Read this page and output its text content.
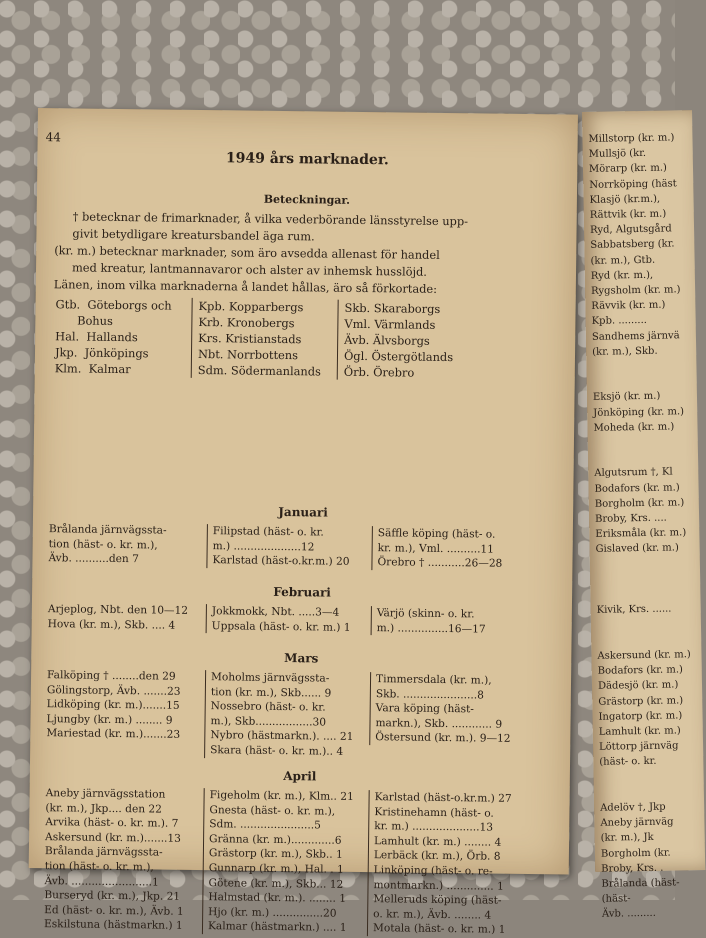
44
1949 års marknader.
Beteckningar.

† betecknar de frimarknader, å vilka vederbörande länsstyrelse upp-

givit betydligare kreatursbandel äga rum.

(kr. m.) betecknar marknader, som äro avsedda allenast för handel

med kreatur, lantmannavaror och alster av inhemsk husslöjd.

Länen, inom vilka marknaderna å landet hållas, äro så förkortade:

Gtb.  Göteborgs och
Bohus
Hal.  Hallands
Jkp.  Jönköpings
Klm.  Kalmar
Kpb. Kopparbergs
Krb. Kronobergs
Krs. Kristianstads
Nbt. Norrbottens
Sdm. Södermanlands
Skb. Skaraborgs
Vml. Värmlands
Ävb. Älvsborgs
Ögl. Östergötlands
Örb. Örebro
Januari
Brålanda järnvägssta-
tion (häst- o. kr. m.),
Ävb. ..........den 7
Filipstad (häst- o. kr.
m.) ....................12
Karlstad (häst-o.kr.m.) 20
Säffle köping (häst- o.
kr. m.), Vml. ..........11
Örebro † ...........26—28
Februari
Arjeplog, Nbt. den 10—12
Hova (kr. m.), Skb. .... 4
Jokkmokk, Nbt. .....3—4
Uppsala (häst- o. kr. m.) 1
Värjö (skinn- o. kr.
m.) ...............16—17
Mars
Falköping † ........den 29
Gölingstorp, Ävb. .......23
Lidköping (kr. m.).......15
Ljungby (kr. m.) ........ 9
Mariestad (kr. m.).......23
Moholms järnvägssta-
tion (kr. m.), Skb...... 9
Nossebro (häst- o. kr.
m.), Skb.................30
Nybro (hästmarkn.). .... 21
Skara (häst- o. kr. m.).. 4
Timmersdala (kr. m.),
Skb. ......................8
Vara köping (häst-
markn.), Skb. ............ 9
Östersund (kr. m.). 9—12
April
Aneby järnvägsstation
(kr. m.), Jkp.... den 22
Arvika (häst- o. kr. m.). 7
Askersund (kr. m.).......13
Brålanda järnvägssta-
tion (häst- o. kr. m.),
Ävb. ........................1
Burseryd (kr. m.), Jkp. 21
Ed (häst- o. kr. m.), Ävb. 1
Eskilstuna (hästmarkn.) 1
Figeholm (kr. m.), Klm.. 21
Gnesta (häst- o. kr. m.),
Sdm. ......................5
Gränna (kr. m.).............6
Grästorp (kr. m.), Skb.. 1
Gunnarp (kr. m.), Hal. . 1
Götene (kr. m.), Skb... 12
Halmstad (kr. m.). ........ 1
Hjo (kr. m.) ...............20
Kalmar (hästmarkn.) .... 1
Karlstad (häst-o.kr.m.) 27
Kristinehamn (häst- o.
kr. m.) ....................13
Lamhult (kr. m.) ........ 4
Lerbäck (kr. m.), Örb. 8
Linköping (häst- o. re-
montmarkn.) .............. 1
Melleruds köping (häst-
o. kr. m.), Ävb. ........ 4
Motala (häst- o. kr. m.) 1
Millstorp (kr. m.)
Mullsjö (kr.
Mörarp (kr. m.)
Norrköping (häst
Klasjö (kr.m.),
Rättvik (kr. m.)
Ryd, Algutsgård
Sabbatsberg (kr.
(kr. m.), Gtb.
Ryd (kr. m.),
Rygsholm (kr. m.)
Rävvik (kr. m.)
Kpb. .........
Sandhems järnvä
(kr. m.), Skb.

Eksjö (kr. m.)
Jönköping (kr. m.)
Moheda (kr. m.)

Algutsrum †, Kl
Bodafors (kr. m.)
Borgholm (kr. m.)
Broby, Krs. ....
Eriksmåla (kr. m.)
Gislaved (kr. m.)

Kivik, Krs. ......

Askersund (kr. m.)
Bodafors (kr. m.)
Dädesjö (kr. m.)
Grästorp (kr. m.)
Ingatorp (kr. m.)
Lamhult (kr. m.)
Löttorp järnväg
(häst- o. kr.

Adelöv †, Jkp
Aneby järnväg
(kr. m.), Jk
Borgholm (kr.
Broby, Krs. .
Brålanda (häst-
(häst-
Ävb. .........
